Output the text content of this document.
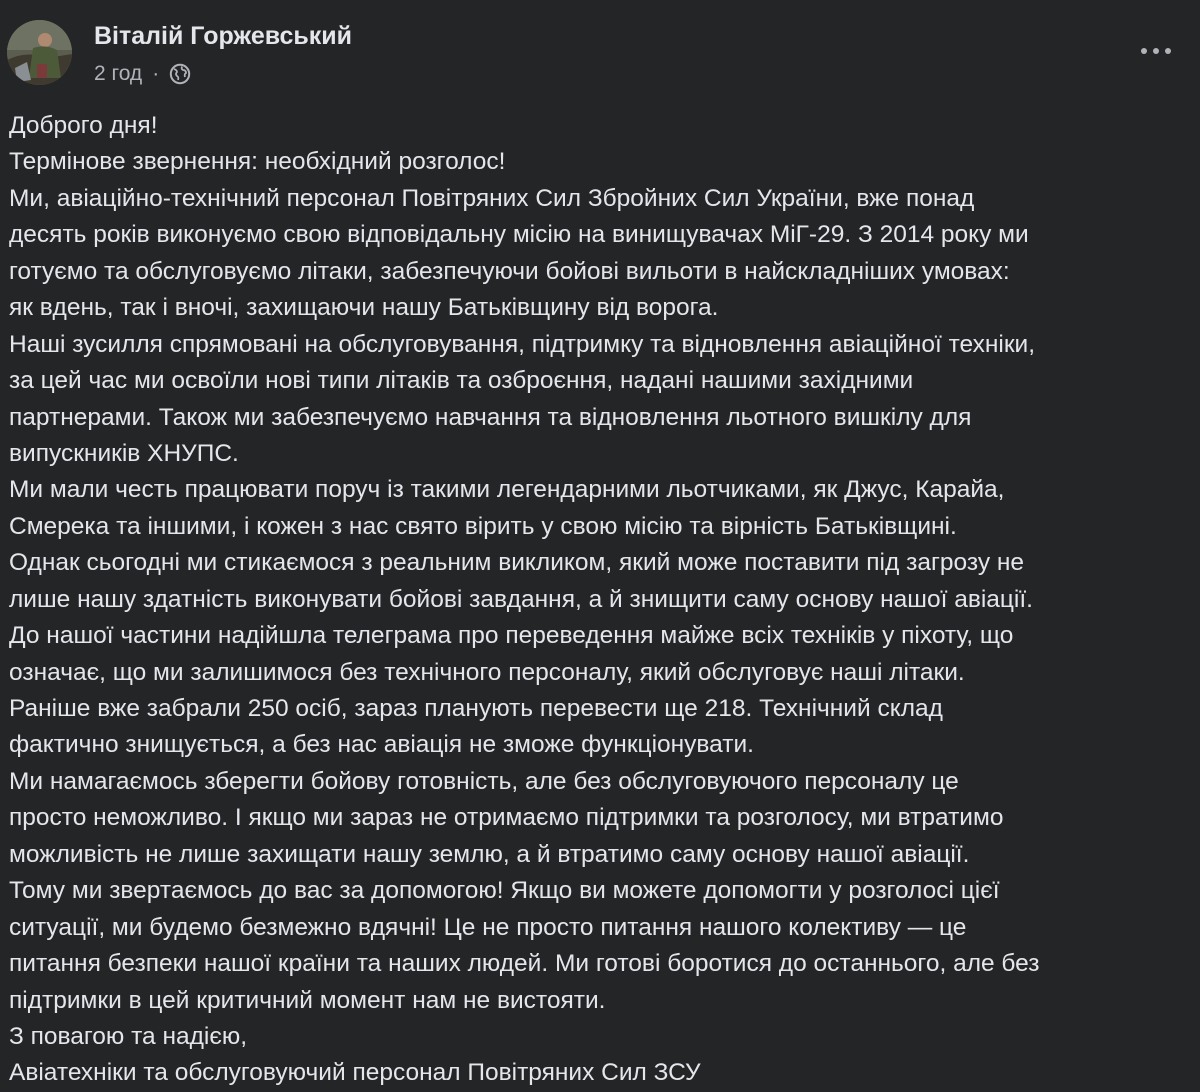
Віталій Горжевський
2 год ·
Доброго дня!
Термінове звернення: необхідний розголос!
Ми, авіаційно-технічний персонал Повітряних Сил Збройних Сил України, вже понад
десять років виконуємо свою відповідальну місію на винищувачах МіГ-29. З 2014 року ми
готуємо та обслуговуємо літаки, забезпечуючи бойові вильоти в найскладніших умовах:
як вдень, так і вночі, захищаючи нашу Батьківщину від ворога.
Наші зусилля спрямовані на обслуговування, підтримку та відновлення авіаційної техніки,
за цей час ми освоїли нові типи літаків та озброєння, надані нашими західними
партнерами. Також ми забезпечуємо навчання та відновлення льотного вишкілу для
випускників ХНУПС.
Ми мали честь працювати поруч із такими легендарними льотчиками, як Джус, Карайа,
Смерека та іншими, і кожен з нас свято вірить у свою місію та вірність Батьківщині.
Однак сьогодні ми стикаємося з реальним викликом, який може поставити під загрозу не
лише нашу здатність виконувати бойові завдання, а й знищити саму основу нашої авіації.
До нашої частини надійшла телеграма про переведення майже всіх техніків у піхоту, що
означає, що ми залишимося без технічного персоналу, який обслуговує наші літаки.
Раніше вже забрали 250 осіб, зараз планують перевести ще 218. Технічний склад
фактично знищується, а без нас авіація не зможе функціонувати.
Ми намагаємось зберегти бойову готовність, але без обслуговуючого персоналу це
просто неможливо. І якщо ми зараз не отримаємо підтримки та розголосу, ми втратимо
можливість не лише захищати нашу землю, а й втратимо саму основу нашої авіації.
Тому ми звертаємось до вас за допомогою! Якщо ви можете допомогти у розголосі цієї
ситуації, ми будемо безмежно вдячні! Це не просто питання нашого колективу — це
питання безпеки нашої країни та наших людей. Ми готові боротися до останнього, але без
підтримки в цей критичний момент нам не вистояти.
З повагою та надією,
Авіатехніки та обслуговуючий персонал Повітряних Сил ЗСУ
